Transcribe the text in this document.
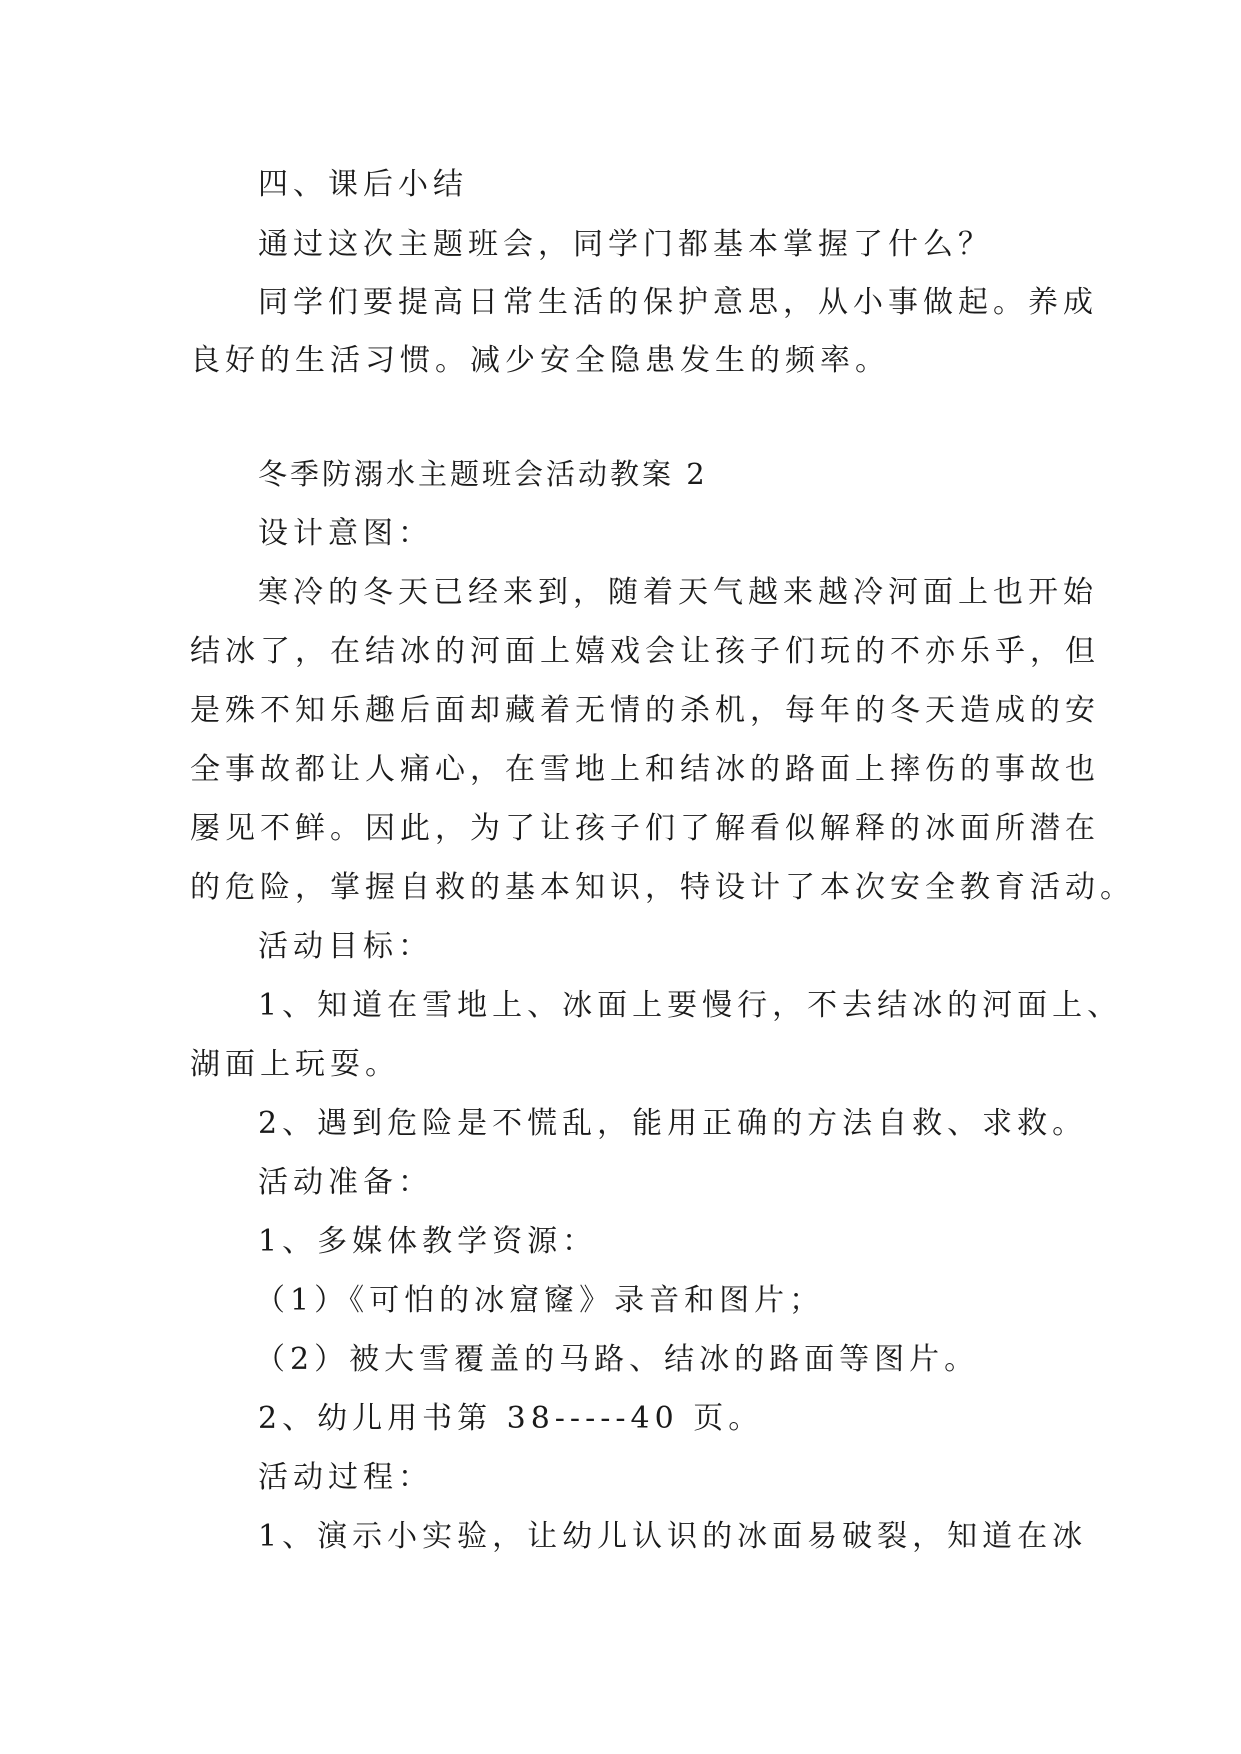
四、课后小结
通过这次主题班会，同学门都基本掌握了什么？
同学们要提高日常生活的保护意思，从小事做起。养成
良好的生活习惯。减少安全隐患发生的频率。
冬季防溺水主题班会活动教案 2
设计意图：
寒冷的冬天已经来到，随着天气越来越冷河面上也开始
结冰了，在结冰的河面上嬉戏会让孩子们玩的不亦乐乎，但
是殊不知乐趣后面却藏着无情的杀机，每年的冬天造成的安
全事故都让人痛心，在雪地上和结冰的路面上摔伤的事故也
屡见不鲜。因此，为了让孩子们了解看似解释的冰面所潜在
的危险，掌握自救的基本知识，特设计了本次安全教育活动。
活动目标：
1、知道在雪地上、冰面上要慢行，不去结冰的河面上、
湖面上玩耍。
2、遇到危险是不慌乱，能用正确的方法自救、求救。
活动准备：
1、多媒体教学资源：
（1）《可怕的冰窟窿》录音和图片；
（2）被大雪覆盖的马路、结冰的路面等图片。
2、幼儿用书第 38-----40 页。
活动过程：
1、演示小实验，让幼儿认识的冰面易破裂，知道在冰
